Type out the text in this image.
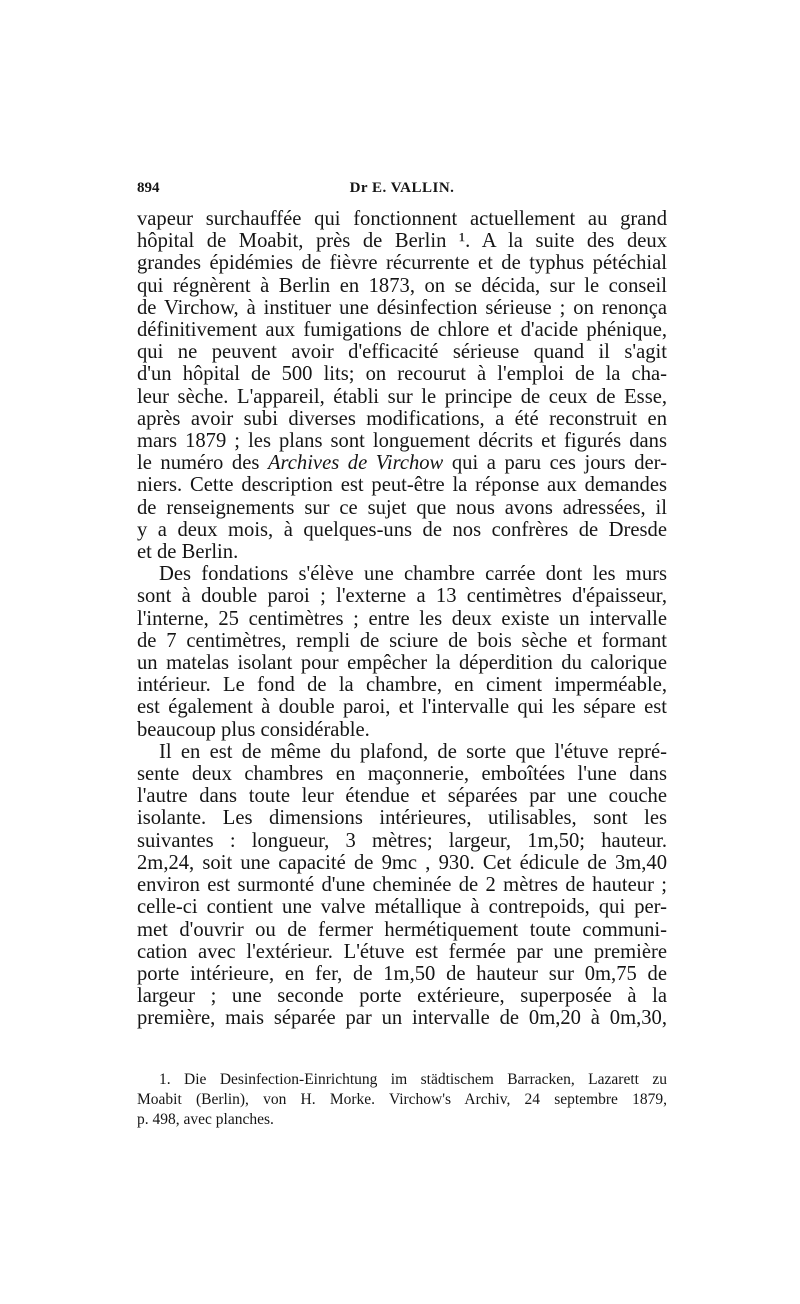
894	Dr E. VALLIN.
vapeur surchauffée qui fonctionnent actuellement au grand
hôpital de Moabit, près de Berlin ¹. A la suite des deux
grandes épidémies de fièvre récurrente et de typhus pétéchial
qui régnèrent à Berlin en 1873, on se décida, sur le conseil
de Virchow, à instituer une désinfection sérieuse ; on renonça
définitivement aux fumigations de chlore et d'acide phénique,
qui ne peuvent avoir d'efficacité sérieuse quand il s'agit
d'un hôpital de 500 lits; on recourut à l'emploi de la cha-
leur sèche. L'appareil, établi sur le principe de ceux de Esse,
après avoir subi diverses modifications, a été reconstruit en
mars 1879 ; les plans sont longuement décrits et figurés dans
le numéro des Archives de Virchow qui a paru ces jours der-
niers. Cette description est peut-être la réponse aux demandes
de renseignements sur ce sujet que nous avons adressées, il
y a deux mois, à quelques-uns de nos confrères de Dresde
et de Berlin.
Des fondations s'élève une chambre carrée dont les murs
sont à double paroi ; l'externe a 13 centimètres d'épaisseur,
l'interne, 25 centimètres ; entre les deux existe un intervalle
de 7 centimètres, rempli de sciure de bois sèche et formant
un matelas isolant pour empêcher la déperdition du calorique
intérieur. Le fond de la chambre, en ciment imperméable,
est également à double paroi, et l'intervalle qui les sépare est
beaucoup plus considérable.
Il en est de même du plafond, de sorte que l'étuve repré-
sente deux chambres en maçonnerie, emboîtées l'une dans
l'autre dans toute leur étendue et séparées par une couche
isolante. Les dimensions intérieures, utilisables, sont les
suivantes : longueur, 3 mètres; largeur, 1m,50; hauteur.
2m,24, soit une capacité de 9mc , 930. Cet édicule de 3m,40
environ est surmonté d'une cheminée de 2 mètres de hauteur ;
celle-ci contient une valve métallique à contrepoids, qui per-
met d'ouvrir ou de fermer hermétiquement toute communi-
cation avec l'extérieur. L'étuve est fermée par une première
porte intérieure, en fer, de 1m,50 de hauteur sur 0m,75 de
largeur ; une seconde porte extérieure, superposée à la
première, mais séparée par un intervalle de 0m,20 à 0m,30,
1. Die Desinfection-Einrichtung im städtischem Barracken, Lazarett zu
Moabit (Berlin), von H. Morke. Virchow's Archiv, 24 septembre 1879,
p. 498, avec planches.
